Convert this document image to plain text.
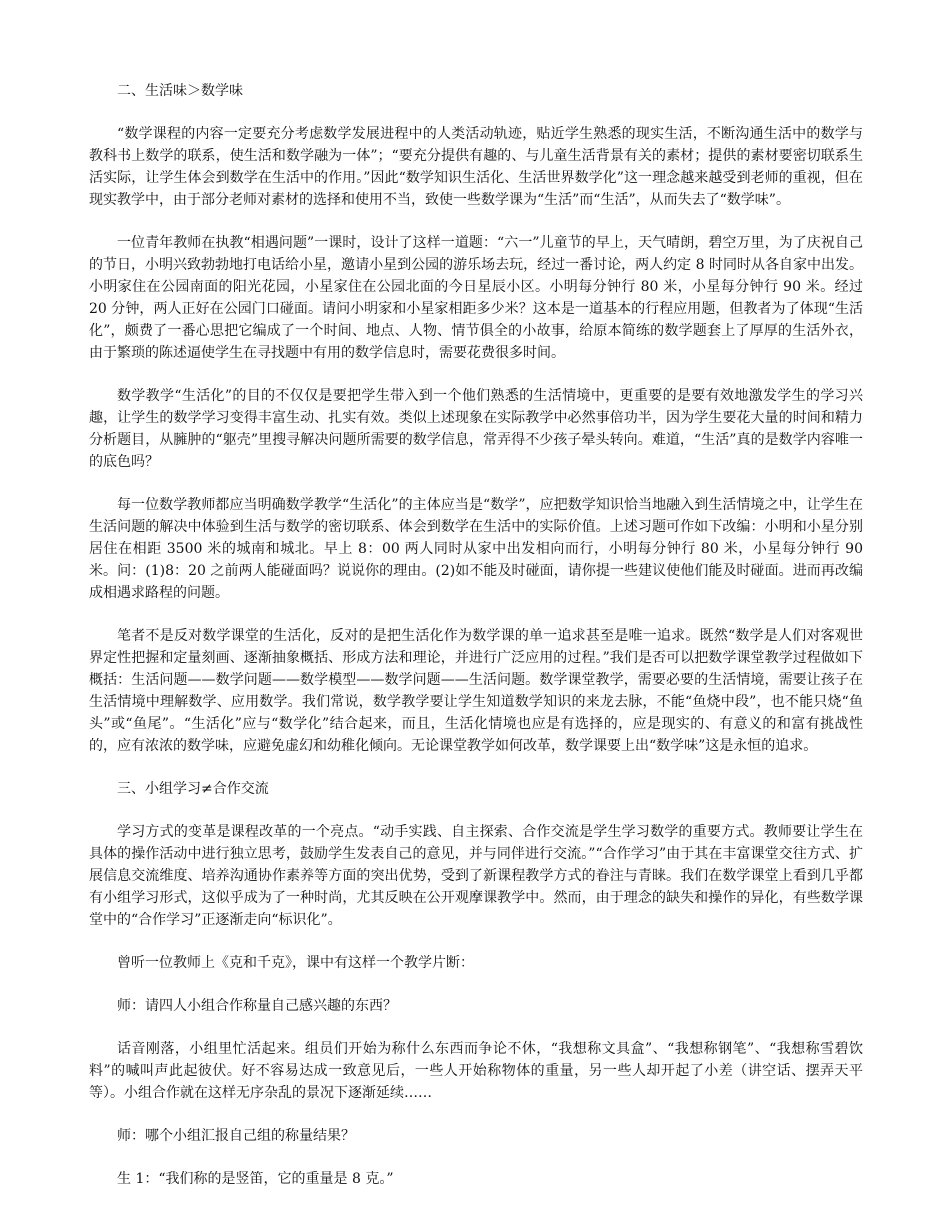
二、生活味＞数学味

“数学课程的内容一定要充分考虑数学发展进程中的人类活动轨迹，贴近学生熟悉的现实生活，不断沟通生活中的数学与教科书上数学的联系，使生活和数学融为一体”；“要充分提供有趣的、与儿童生活背景有关的素材；提供的素材要密切联系生活实际，让学生体会到数学在生活中的作用。”因此“数学知识生活化、生活世界数学化”这一理念越来越受到老师的重视，但在现实教学中，由于部分老师对素材的选择和使用不当，致使一些数学课为“生活”而“生活”，从而失去了“数学味”。

一位青年教师在执教“相遇问题”一课时，设计了这样一道题：“六一”儿童节的早上，天气晴朗，碧空万里，为了庆祝自己的节日，小明兴致勃勃地打电话给小星，邀请小星到公园的游乐场去玩，经过一番讨论，两人约定 8 时同时从各自家中出发。小明家住在公园南面的阳光花园，小星家住在公园北面的今日星辰小区。小明每分钟行 80 米，小星每分钟行 90 米。经过 20 分钟，两人正好在公园门口碰面。请问小明家和小星家相距多少米？这本是一道基本的行程应用题，但教者为了体现“生活化”，颇费了一番心思把它编成了一个时间、地点、人物、情节俱全的小故事，给原本简练的数学题套上了厚厚的生活外衣，由于繁琐的陈述逼使学生在寻找题中有用的数学信息时，需要花费很多时间。

数学教学“生活化”的目的不仅仅是要把学生带入到一个他们熟悉的生活情境中，更重要的是要有效地激发学生的学习兴趣，让学生的数学学习变得丰富生动、扎实有效。类似上述现象在实际教学中必然事倍功半，因为学生要花大量的时间和精力分析题目，从臃肿的“躯壳”里搜寻解决问题所需要的数学信息，常弄得不少孩子晕头转向。难道，“生活”真的是数学内容唯一的底色吗？

每一位数学教师都应当明确数学教学“生活化”的主体应当是“数学”，应把数学知识恰当地融入到生活情境之中，让学生在生活问题的解决中体验到生活与数学的密切联系、体会到数学在生活中的实际价值。上述习题可作如下改编：小明和小星分别居住在相距 3500 米的城南和城北。早上 8：00 两人同时从家中出发相向而行，小明每分钟行 80 米，小星每分钟行 90 米。问：(1)8：20 之前两人能碰面吗？说说你的理由。(2)如不能及时碰面，请你提一些建议使他们能及时碰面。进而再改编成相遇求路程的问题。

笔者不是反对数学课堂的生活化，反对的是把生活化作为数学课的单一追求甚至是唯一追求。既然“数学是人们对客观世界定性把握和定量刻画、逐渐抽象概括、形成方法和理论，并进行广泛应用的过程。”我们是否可以把数学课堂教学过程做如下概括：生活问题——数学问题——数学模型——数学问题——生活问题。数学课堂教学，需要必要的生活情境，需要让孩子在生活情境中理解数学、应用数学。我们常说，数学教学要让学生知道数学知识的来龙去脉，不能“鱼烧中段”，也不能只烧“鱼头”或“鱼尾”。“生活化”应与“数学化”结合起来，而且，生活化情境也应是有选择的，应是现实的、有意义的和富有挑战性的，应有浓浓的数学味，应避免虚幻和幼稚化倾向。无论课堂教学如何改革，数学课要上出“数学味”这是永恒的追求。

三、小组学习≠合作交流

学习方式的变革是课程改革的一个亮点。“动手实践、自主探索、合作交流是学生学习数学的重要方式。教师要让学生在具体的操作活动中进行独立思考，鼓励学生发表自己的意见，并与同伴进行交流。”“合作学习”由于其在丰富课堂交往方式、扩展信息交流维度、培养沟通协作素养等方面的突出优势，受到了新课程教学方式的眷注与青睐。我们在数学课堂上看到几乎都有小组学习形式，这似乎成为了一种时尚，尤其反映在公开观摩课教学中。然而，由于理念的缺失和操作的异化，有些数学课堂中的“合作学习”正逐渐走向“标识化”。

曾听一位教师上《克和千克》，课中有这样一个教学片断：

师：请四人小组合作称量自己感兴趣的东西？

话音刚落，小组里忙活起来。组员们开始为称什么东西而争论不休，“我想称文具盒”、“我想称钢笔”、“我想称雪碧饮料”的喊叫声此起彼伏。好不容易达成一致意见后，一些人开始称物体的重量，另一些人却开起了小差（讲空话、摆弄天平等）。小组合作就在这样无序杂乱的景况下逐渐延续……

师：哪个小组汇报自己组的称量结果？

生 1：“我们称的是竖笛，它的重量是 8 克。”
